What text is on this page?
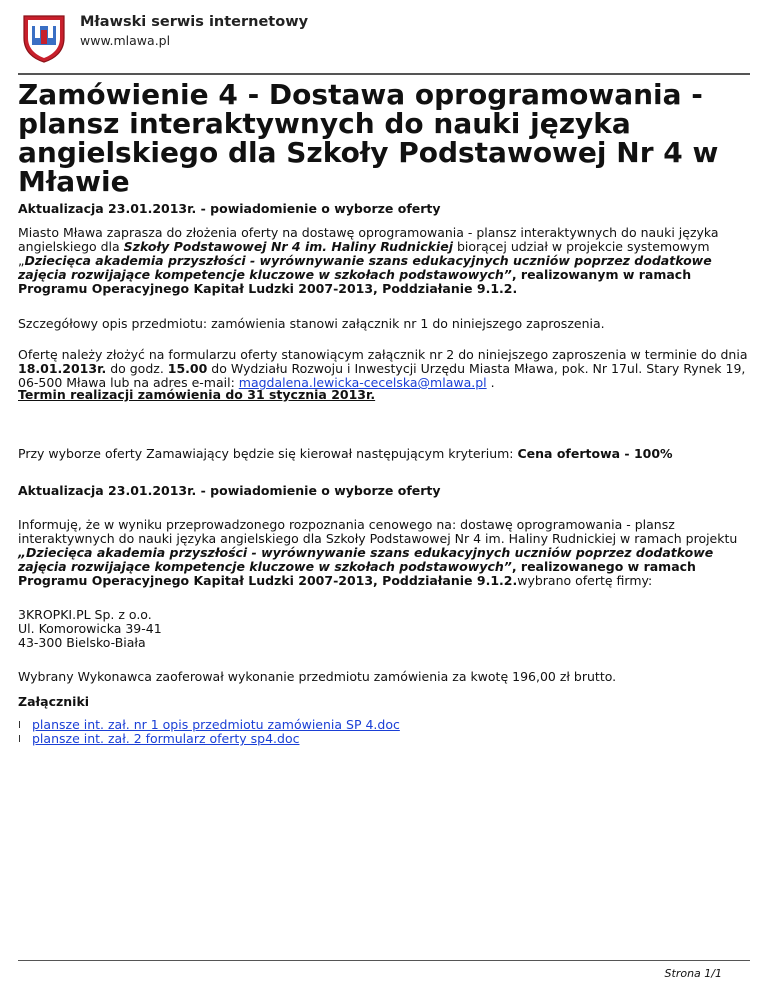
Mławski serwis internetowy
www.mlawa.pl
Zamówienie 4 - Dostawa oprogramowania - plansz interaktywnych do nauki języka angielskiego dla Szkoły Podstawowej Nr 4 w Mławie

Aktualizacja 23.01.2013r. - powiadomienie o wyborze oferty

Miasto Mława zaprasza do złożenia oferty na dostawę oprogramowania - plansz interaktywnych do nauki języka angielskiego dla Szkoły Podstawowej Nr 4 im. Haliny Rudnickiej biorącej udział w projekcie systemowym „Dziecięca akademia przyszłości - wyrównywanie szans edukacyjnych uczniów poprzez dodatkowe zajęcia rozwijające kompetencje kluczowe w szkołach podstawowych”, realizowanym w ramach Programu Operacyjnego Kapitał Ludzki 2007-2013, Poddziałanie 9.1.2.

Szczegółowy opis przedmiotu: zamówienia stanowi załącznik nr 1 do niniejszego zaproszenia.

Ofertę należy złożyć na formularzu oferty stanowiącym załącznik nr 2 do niniejszego zaproszenia w terminie do dnia 18.01.2013r. do godz. 15.00 do Wydziału Rozwoju i Inwestycji Urzędu Miasta Mława, pok. Nr 17ul. Stary Rynek 19, 06-500 Mława lub na adres e-mail: magdalena.lewicka-cecelska@mlawa.pl .

Termin realizacji zamówienia do 31 stycznia 2013r.

Przy wyborze oferty Zamawiający będzie się kierował następującym kryterium: Cena ofertowa - 100%

Aktualizacja 23.01.2013r. - powiadomienie o wyborze oferty

Informuję, że w wyniku przeprowadzonego rozpoznania cenowego na: dostawę oprogramowania - plansz interaktywnych do nauki języka angielskiego dla Szkoły Podstawowej Nr 4 im. Haliny Rudnickiej w ramach projektu „Dziecięca akademia przyszłości - wyrównywanie szans edukacyjnych uczniów poprzez dodatkowe zajęcia rozwijające kompetencje kluczowe w szkołach podstawowych”, realizowanego w ramach Programu Operacyjnego Kapitał Ludzki 2007-2013, Poddziałanie 9.1.2.wybrano ofertę firmy:

3KROPKI.PL Sp. z o.o.
Ul. Komorowicka 39-41
43-300 Bielsko-Biała

Wybrany Wykonawca zaoferował wykonanie przedmiotu zamówienia za kwotę 196,00 zł brutto.

Załączniki

plansze int. zał. nr 1 opis przedmiotu zamówienia SP 4.doc
plansze int. zał. 2 formularz oferty sp4.doc
Strona 1/1
